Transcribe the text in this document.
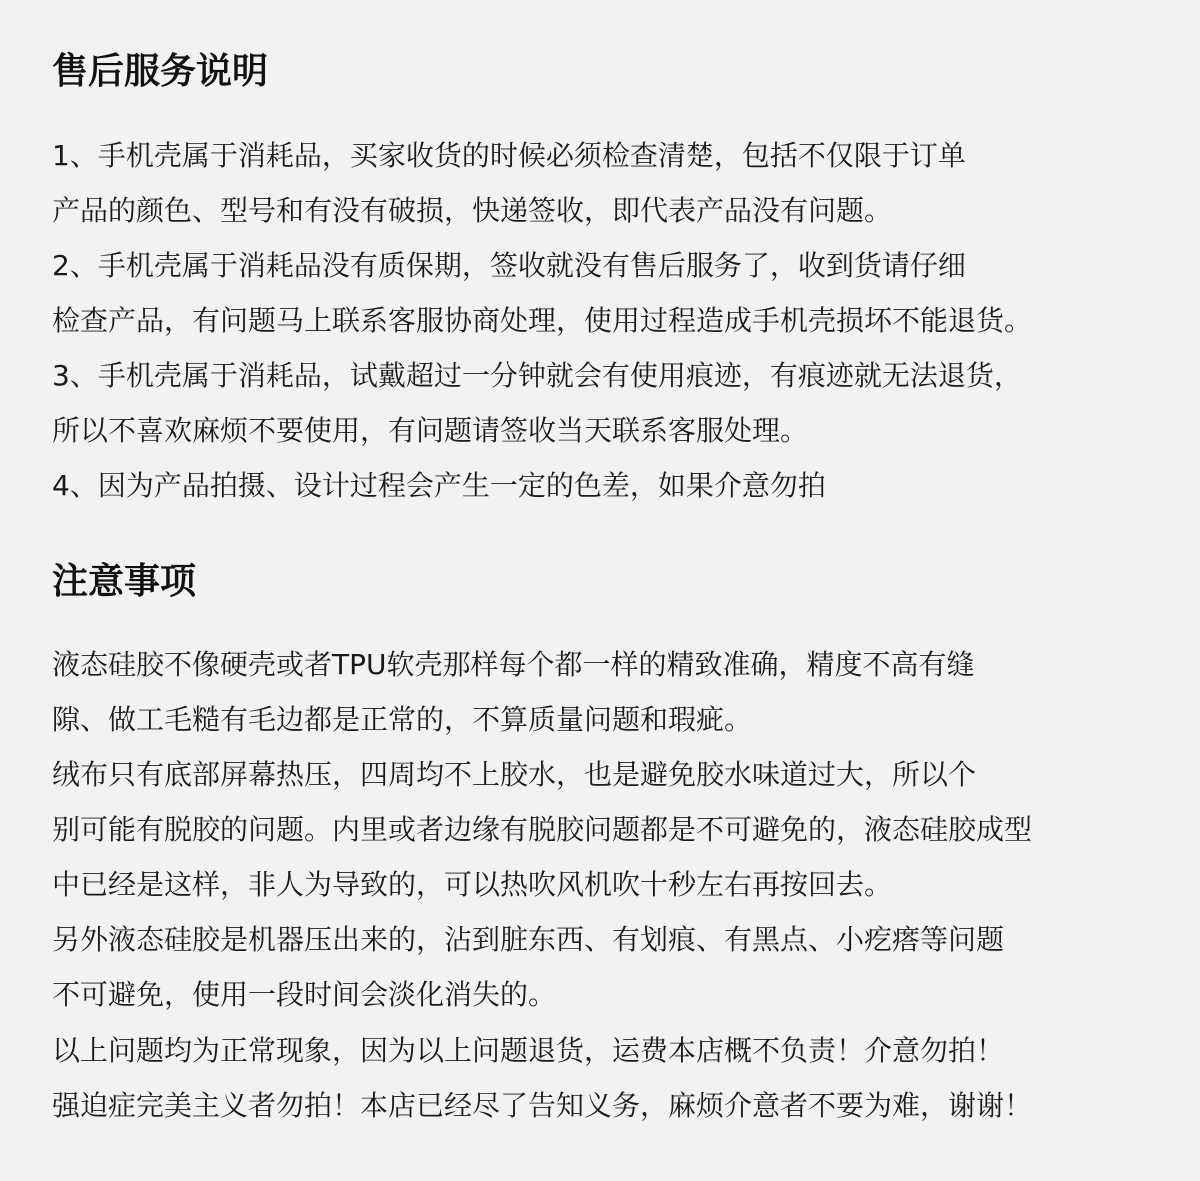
售后服务说明
1、手机壳属于消耗品，买家收货的时候必须检查清楚，包括不仅限于订单
产品的颜色、型号和有没有破损，快递签收，即代表产品没有问题。
2、手机壳属于消耗品没有质保期，签收就没有售后服务了，收到货请仔细
检查产品，有问题马上联系客服协商处理，使用过程造成手机壳损坏不能退货。
3、手机壳属于消耗品，试戴超过一分钟就会有使用痕迹，有痕迹就无法退货，
所以不喜欢麻烦不要使用，有问题请签收当天联系客服处理。
4、因为产品拍摄、设计过程会产生一定的色差，如果介意勿拍
注意事项
液态硅胶不像硬壳或者TPU软壳那样每个都一样的精致准确，精度不高有缝
隙、做工毛糙有毛边都是正常的，不算质量问题和瑕疵。
绒布只有底部屏幕热压，四周均不上胶水，也是避免胶水味道过大，所以个
别可能有脱胶的问题。内里或者边缘有脱胶问题都是不可避免的，液态硅胶成型
中已经是这样，非人为导致的，可以热吹风机吹十秒左右再按回去。
另外液态硅胶是机器压出来的，沾到脏东西、有划痕、有黑点、小疙瘩等问题
不可避免，使用一段时间会淡化消失的。
以上问题均为正常现象，因为以上问题退货，运费本店概不负责！介意勿拍！
强迫症完美主义者勿拍！本店已经尽了告知义务，麻烦介意者不要为难，谢谢！
